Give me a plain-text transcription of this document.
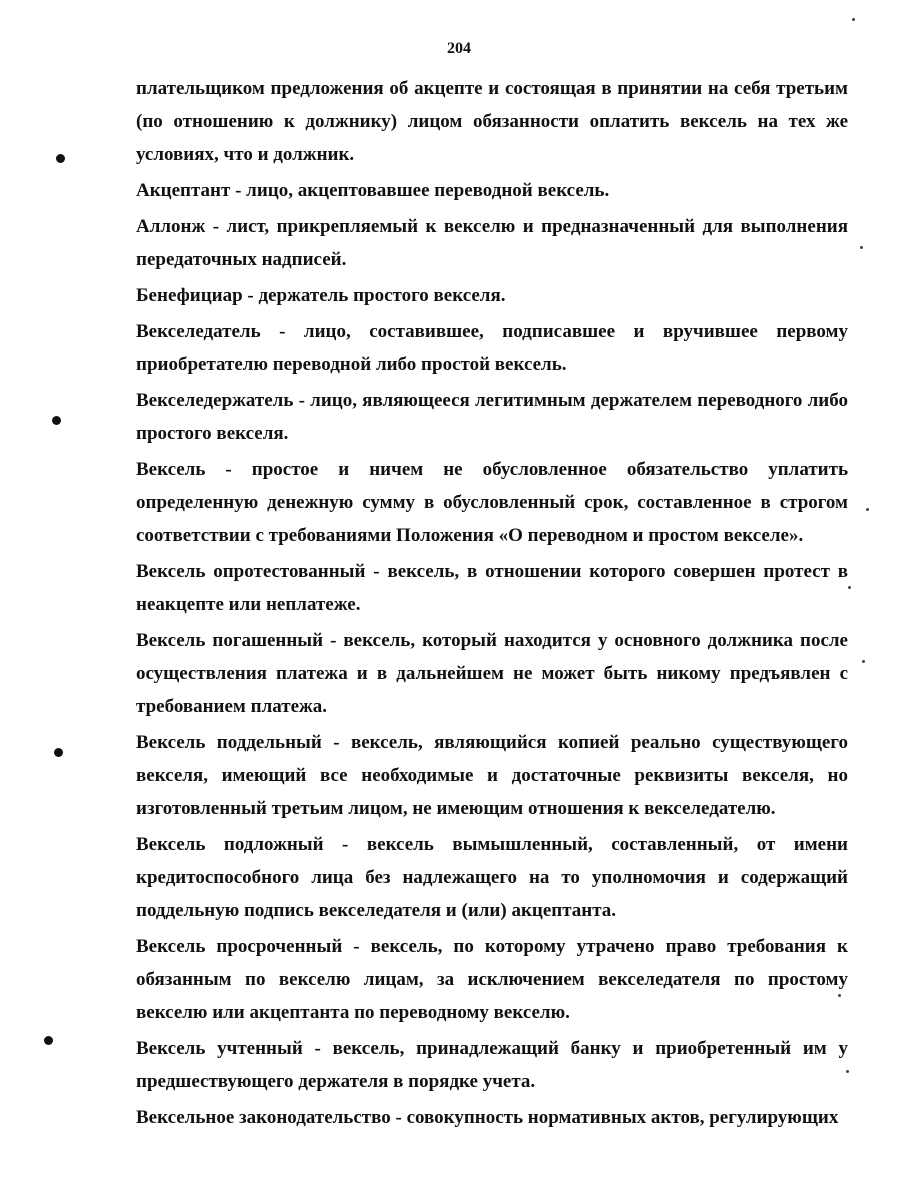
204

плательщиком предложения об акцепте и состоящая в принятии на себя третьим (по отношению к должнику) лицом обязанности оплатить вексель на тех же условиях, что и должник.

Акцептант - лицо, акцептовавшее переводной вексель.

Аллонж - лист, прикрепляемый к векселю и предназначенный для выполнения передаточных надписей.

Бенефициар - держатель простого векселя.

Векселедатель - лицо, составившее, подписавшее и вручившее первому приобретателю переводной либо простой вексель.

Векселедержатель - лицо, являющееся легитимным держателем переводного либо простого векселя.

Вексель - простое и ничем не обусловленное обязательство уплатить определенную денежную сумму в обусловленный срок, составленное в строгом соответствии с требованиями Положения «О переводном и простом векселе».

Вексель опротестованный - вексель, в отношении которого совершен протест в неакцепте или неплатеже.

Вексель погашенный - вексель, который находится у основного должника после осуществления платежа и в дальнейшем не может быть никому предъявлен с требованием платежа.

Вексель поддельный - вексель, являющийся копией реально существующего векселя, имеющий все необходимые и достаточные реквизиты векселя, но изготовленный третьим лицом, не имеющим отношения к векселедателю.

Вексель подложный - вексель вымышленный, составленный, от имени кредитоспособного лица без надлежащего на то уполномочия и содержащий поддельную подпись векселедателя и (или) акцептанта.

Вексель просроченный - вексель, по которому утрачено право требования к обязанным по векселю лицам, за исключением векселедателя по простому векселю или акцептанта по переводному векселю.

Вексель учтенный - вексель, принадлежащий банку и приобретенный им у предшествующего держателя в порядке учета.

Вексельное законодательство - совокупность нормативных актов, регулирующих
